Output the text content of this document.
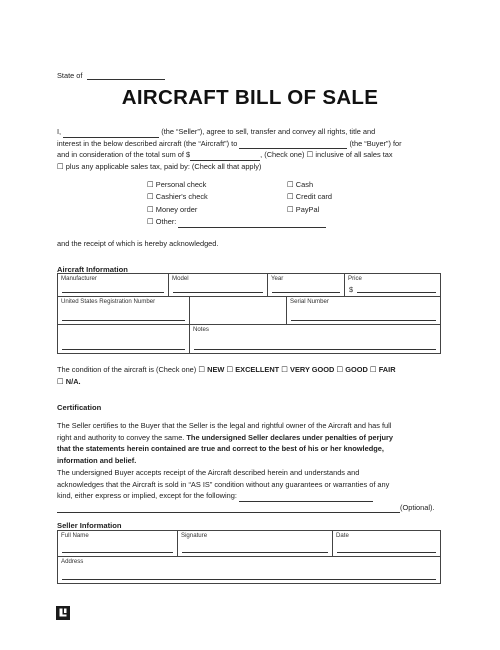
State of
AIRCRAFT BILL OF SALE
I,	(the “Seller”), agree to sell, transfer and convey all rights, title and
interest in the below described aircraft (the “Aircraft”) to	(the “Buyer”) for
and in consideration of the total sum of $	, (Check one) ☐ inclusive of all sales tax
☐ plus any applicable sales tax, paid by: (Check all that apply)
☐ Personal check
☐ Cashier's check
☐ Money order
☐ Other:
☐ Cash
☐ Credit card
☐ PayPal
and the receipt of which is hereby acknowledged.
Aircraft Information
Manufacturer	Model	Year	Price
$
United States Registration Number		Serial Number
	Notes
The condition of the aircraft is (Check one) ☐ NEW ☐ EXCELLENT ☐ VERY GOOD ☐ GOOD ☐ FAIR
☐ N/A.
Certification
The Seller certifies to the Buyer that the Seller is the legal and rightful owner of the Aircraft and has full
right and authority to convey the same. The undersigned Seller declares under penalties of perjury
that the statements herein contained are true and correct to the best of his or her knowledge,
information and belief.
The undersigned Buyer accepts receipt of the Aircraft described herein and understands and
acknowledges that the Aircraft is sold in “AS IS” condition without any guarantees or warranties of any
kind, either express or implied, except for the following:
(Optional).
Seller Information
Full Name	Signature	Date
Address
